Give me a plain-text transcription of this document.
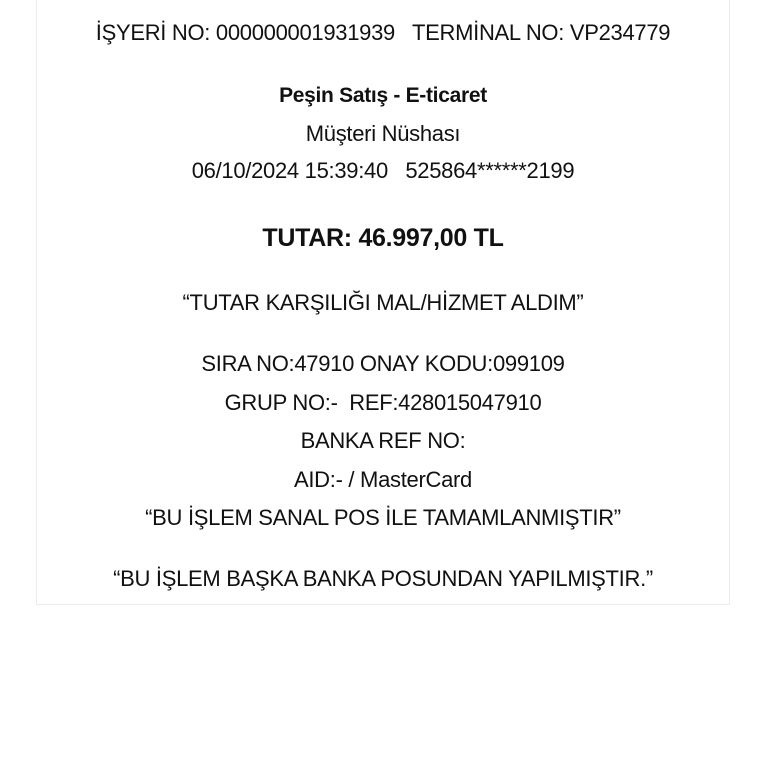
İŞYERİ NO: 000000001931939   TERMİNAL NO: VP234779
Peşin Satış - E-ticaret
Müşteri Nüshası
06/10/2024 15:39:40   525864******2199
TUTAR: 46.997,00 TL
“TUTAR KARŞILIĞI MAL/HİZMET ALDIM”
SIRA NO:47910 ONAY KODU:099109
GRUP NO:-  REF:428015047910
BANKA REF NO:
AID:- / MasterCard
“BU İŞLEM SANAL POS İLE TAMAMLANMIŞTIR”
“BU İŞLEM BAŞKA BANKA POSUNDAN YAPILMIŞTIR.”
